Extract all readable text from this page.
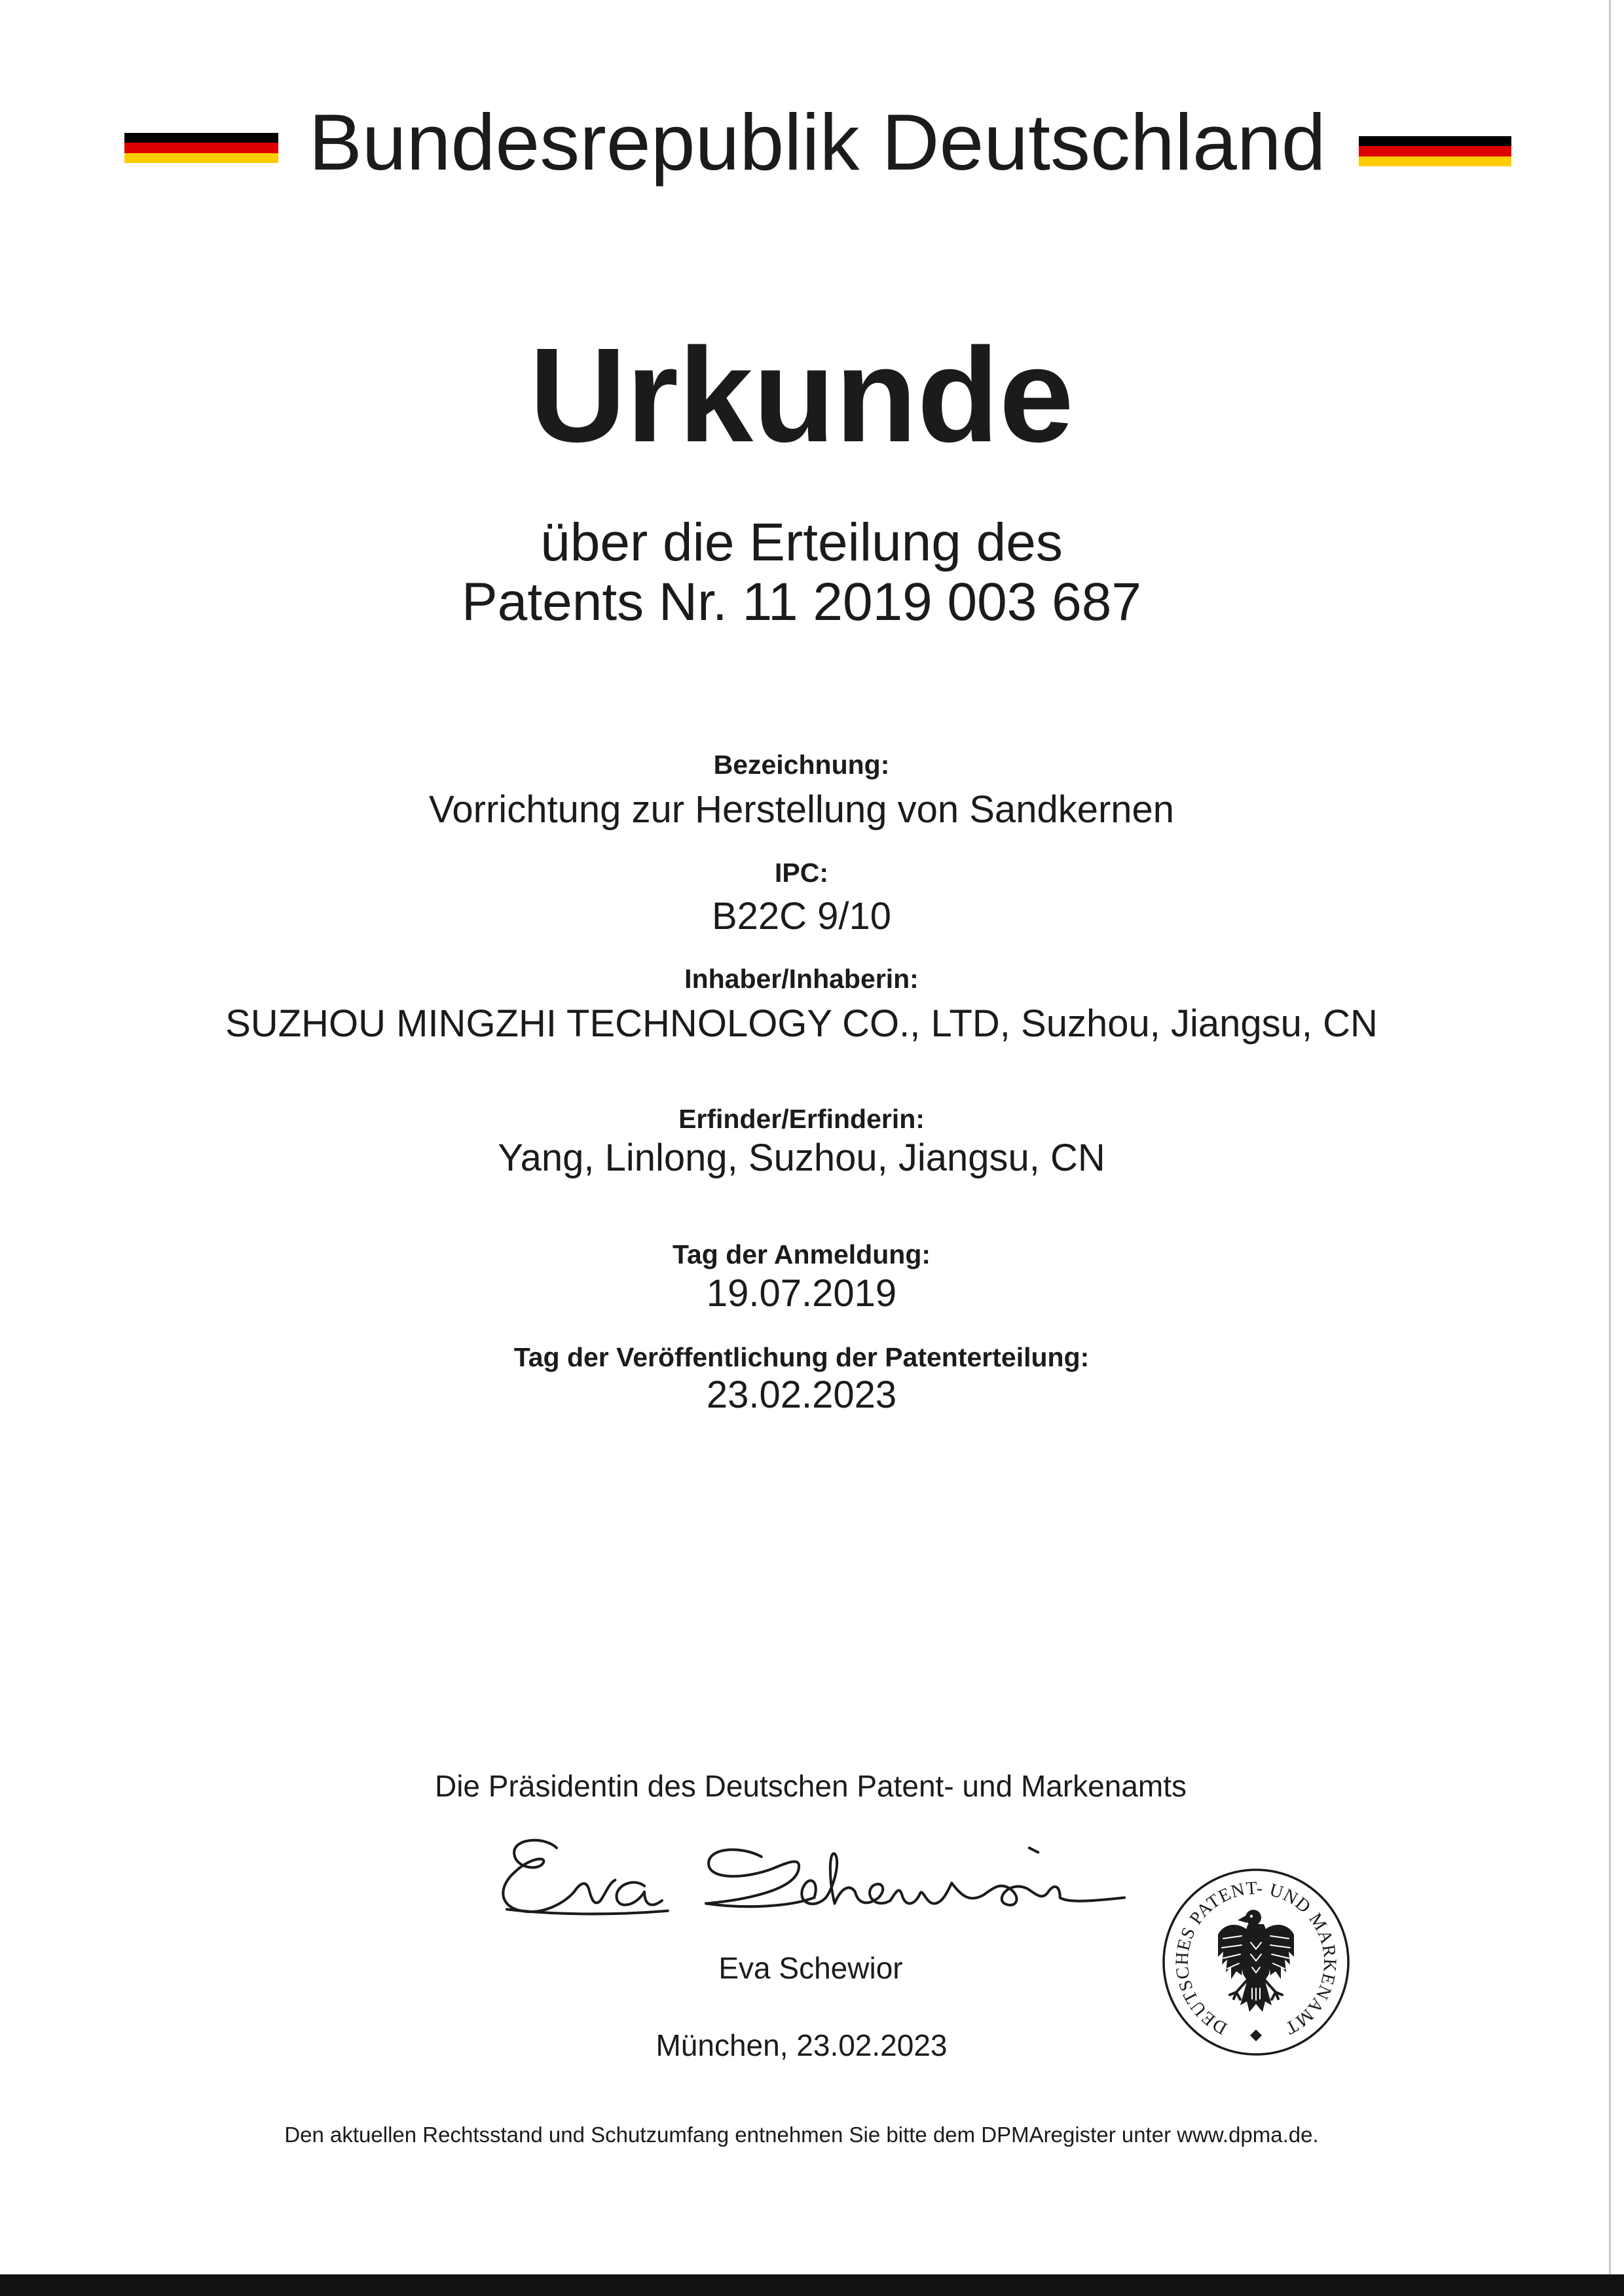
Bundesrepublik Deutschland
Urkunde
über die Erteilung des
Patents Nr. 11 2019 003 687
Bezeichnung:
Vorrichtung zur Herstellung von Sandkernen
IPC:
B22C 9/10
Inhaber/Inhaberin:
SUZHOU MINGZHI TECHNOLOGY CO., LTD, Suzhou, Jiangsu, CN
Erfinder/Erfinderin:
Yang, Linlong, Suzhou, Jiangsu, CN
Tag der Anmeldung:
19.07.2019
Tag der Veröffentlichung der Patenterteilung:
23.02.2023
Die Präsidentin des Deutschen Patent- und Markenamts
Eva Schewior
München, 23.02.2023
DEUTSCHES PATENT- UND MARKENAMT
Den aktuellen Rechtsstand und Schutzumfang entnehmen Sie bitte dem DPMAregister unter www.dpma.de.
